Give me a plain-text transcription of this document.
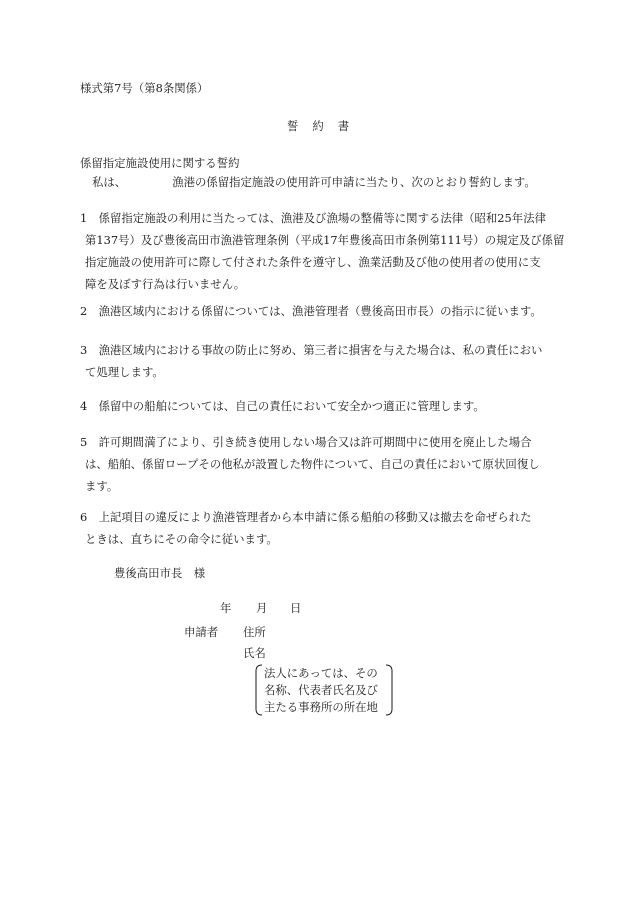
様式第7号（第8条関係）
誓約書
係留指定施設使用に関する誓約
私は、	漁港の係留指定施設の使用許可申請に当たり、次のとおり誓約します。
1　係留指定施設の利用に当たっては、漁港及び漁場の整備等に関する法律（昭和25年法律
第137号）及び豊後高田市漁港管理条例（平成17年豊後高田市条例第111号）の規定及び係留
指定施設の使用許可に際して付された条件を遵守し、漁業活動及び他の使用者の使用に支
障を及ぼす行為は行いません。
2　漁港区域内における係留については、漁港管理者（豊後高田市長）の指示に従います。
3　漁港区域内における事故の防止に努め、第三者に損害を与えた場合は、私の責任におい
て処理します。
4　係留中の船舶については、自己の責任において安全かつ適正に管理します。
5　許可期間満了により、引き続き使用しない場合又は許可期間中に使用を廃止した場合
は、船舶、係留ロープその他私が設置した物件について、自己の責任において原状回復し
ます。
6　上記項目の違反により漁港管理者から本申請に係る船舶の移動又は撤去を命ぜられた
ときは、直ちにその命令に従います。
豊後高田市長　様
年 月 日
申請者 住所
氏名
法人にあっては、その
名称、代表者氏名及び
主たる事務所の所在地
